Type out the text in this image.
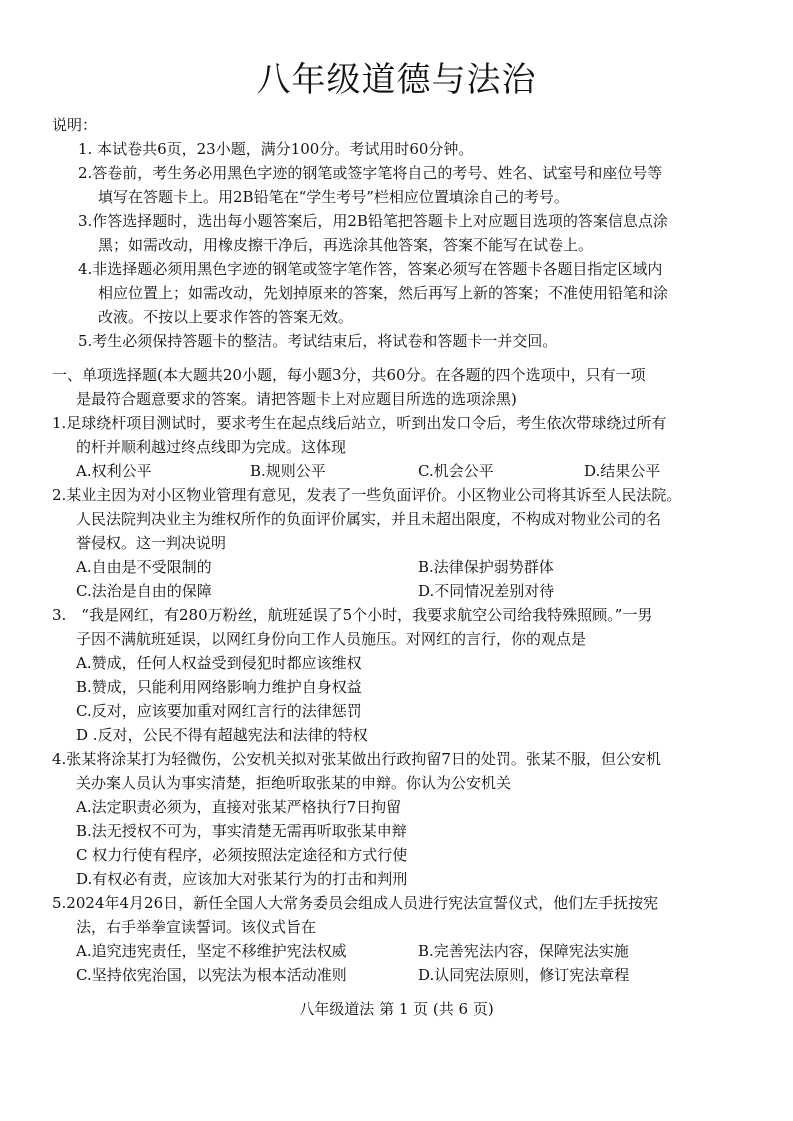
八年级道德与法治
说明：
1. 本试卷共6页，23小题，满分100分。考试用时60分钟。
2.答卷前，考生务必用黑色字迹的钢笔或签字笔将自己的考号、姓名、试室号和座位号等
填写在答题卡上。用2B铅笔在“学生考号”栏相应位置填涂自己的考号。
3.作答选择题时，选出每小题答案后，用2B铅笔把答题卡上对应题目选项的答案信息点涂
黑；如需改动，用橡皮擦干净后，再选涂其他答案，答案不能写在试卷上。
4.非选择题必须用黑色字迹的钢笔或签字笔作答，答案必须写在答题卡各题目指定区域内
相应位置上；如需改动，先划掉原来的答案，然后再写上新的答案；不准使用铅笔和涂
改液。不按以上要求作答的答案无效。
5.考生必须保持答题卡的整洁。考试结束后，将试卷和答题卡一并交回。
一、单项选择题(本大题共20小题，每小题3分，共60分。在各题的四个选项中，只有一项
是最符合题意要求的答案。请把答题卡上对应题目所选的选项涂黑)
1.足球绕杆项目测试时，要求考生在起点线后站立，听到出发口令后，考生依次带球绕过所有
的杆并顺利越过终点线即为完成。这体现
A.权利公平	B.规则公平	C.机会公平	D.结果公平
2.某业主因为对小区物业管理有意见，发表了一些负面评价。小区物业公司将其诉至人民法院。
人民法院判决业主为维权所作的负面评价属实，并且未超出限度，不构成对物业公司的名
誉侵权。这一判决说明
A.自由是不受限制的	B.法律保护弱势群体
C.法治是自由的保障	D.不同情况差别对待
3.　“我是网红，有280万粉丝，航班延误了5个小时，我要求航空公司给我特殊照顾。”一男
子因不满航班延误，以网红身份向工作人员施压。对网红的言行，你的观点是
A.赞成，任何人权益受到侵犯时都应该维权
B.赞成，只能利用网络影响力维护自身权益
C.反对，应该要加重对网红言行的法律惩罚
D .反对，公民不得有超越宪法和法律的特权
4.张某将涂某打为轻微伤，公安机关拟对张某做出行政拘留7日的处罚。张某不服，但公安机
关办案人员认为事实清楚，拒绝听取张某的申辩。你认为公安机关
A.法定职责必须为，直接对张某严格执行7日拘留
B.法无授权不可为，事实清楚无需再听取张某申辩
C 权力行使有程序，必须按照法定途径和方式行使
D.有权必有责，应该加大对张某行为的打击和判刑
5.2024年4月26日，新任全国人大常务委员会组成人员进行宪法宣誓仪式，他们左手抚按宪
法，右手举拳宣读誓词。该仪式旨在
A.追究违宪责任，坚定不移维护宪法权威	B.完善宪法内容，保障宪法实施
C.坚持依宪治国，以宪法为根本活动准则	D.认同宪法原则，修订宪法章程
八年级道法 第 1 页 (共 6 页)
